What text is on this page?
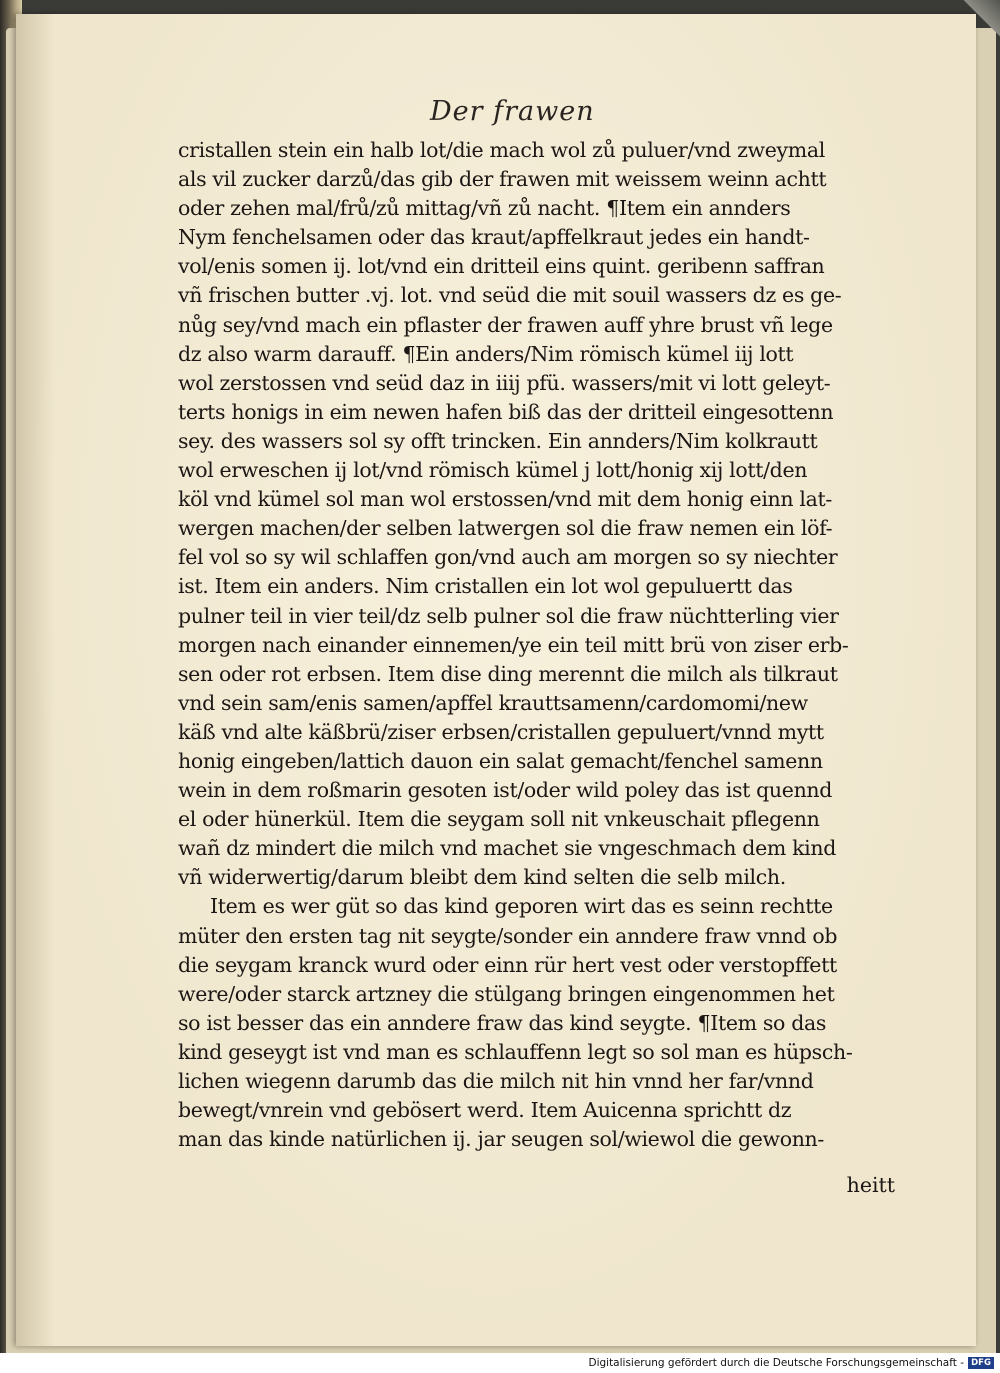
Der frawen
cristallen stein ein halb lot/die mach wol zů puluer/vnd zweymal
als vil zucker darzů/das gib der frawen mit weissem weinn achtt
oder zehen mal/frů/zů mittag/vñ zů nacht. ¶Item ein annders
Nym fenchelsamen oder das kraut/apffelkraut jedes ein handt-
vol/enis somen ij. lot/vnd ein dritteil eins quint. geribenn saffran
vñ frischen butter .vj. lot. vnd seüd die mit souil wassers dz es ge-
nůg sey/vnd mach ein pflaster der frawen auff yhre brust vñ lege
dz also warm darauff. ¶Ein anders/Nim römisch kümel iij lott
wol zerstossen vnd seüd daz in iiij pfü. wassers/mit vi lott geleyt-
terts honigs in eim newen hafen biß das der dritteil eingesottenn
sey. des wassers sol sy offt trincken. Ein annders/Nim kolkrautt
wol erweschen ij lot/vnd römisch kümel j lott/honig xij lott/den
köl vnd kümel sol man wol erstossen/vnd mit dem honig einn lat-
wergen machen/der selben latwergen sol die fraw nemen ein löf-
fel vol so sy wil schlaffen gon/vnd auch am morgen so sy niechter
ist. Item ein anders. Nim cristallen ein lot wol gepuluertt das
pulner teil in vier teil/dz selb pulner sol die fraw nüchtterling vier
morgen nach einander einnemen/ye ein teil mitt brü von ziser erb-
sen oder rot erbsen. Item dise ding merennt die milch als tilkraut
vnd sein sam/enis samen/apffel krauttsamenn/cardomomi/new
käß vnd alte käßbrü/ziser erbsen/cristallen gepuluert/vnnd mytt
honig eingeben/lattich dauon ein salat gemacht/fenchel samenn
wein in dem roßmarin gesoten ist/oder wild poley das ist quennd
el oder hünerkül. Item die seygam soll nit vnkeuschait pflegenn
wañ dz mindert die milch vnd machet sie vngeschmach dem kind
vñ widerwertig/darum bleibt dem kind selten die selb milch.
Item es wer güt so das kind geporen wirt das es seinn rechtte
müter den ersten tag nit seygte/sonder ein anndere fraw vnnd ob
die seygam kranck wurd oder einn rür hert vest oder verstopffett
were/oder starck artzney die stülgang bringen eingenommen het
so ist besser das ein anndere fraw das kind seygte. ¶Item so das
kind geseygt ist vnd man es schlauffenn legt so sol man es hüpsch-
lichen wiegenn darumb das die milch nit hin vnnd her far/vnnd
bewegt/vnrein vnd gebösert werd. Item Auicenna sprichtt dz
man das kinde natürlichen ij. jar seugen sol/wiewol die gewonn-
heitt
Digitalisierung gefördert durch die Deutsche Forschungsgemeinschaft - DFG
